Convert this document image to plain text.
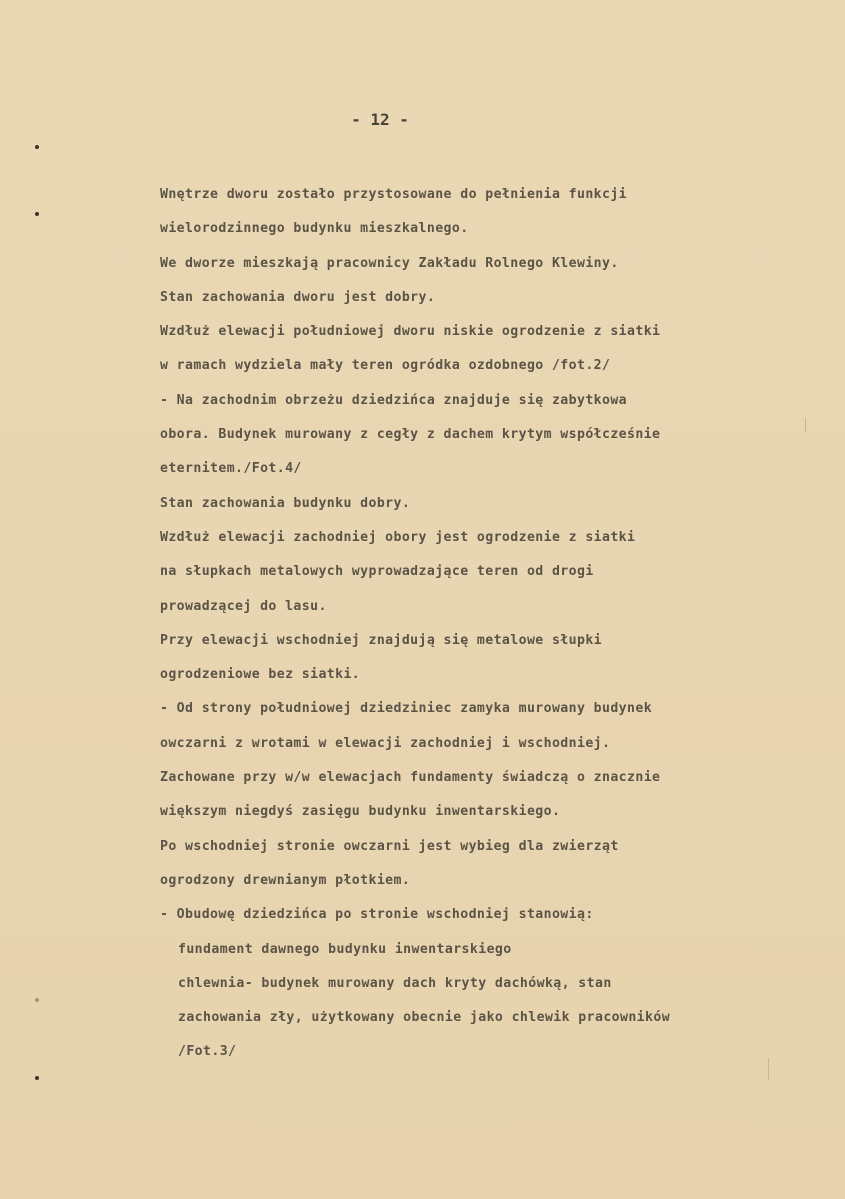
- 12 -
Wnętrze dworu zostało przystosowane do pełnienia funkcji
wielorodzinnego budynku mieszkalnego.
We dworze mieszkają pracownicy Zakładu Rolnego Klewiny.
Stan zachowania dworu jest dobry.
Wzdłuż elewacji południowej dworu niskie ogrodzenie z siatki
w ramach wydziela mały teren ogródka ozdobnego /fot.2/
- Na zachodnim obrzeżu dziedzińca znajduje się zabytkowa
obora. Budynek murowany z cegły z dachem krytym współcześnie
eternitem./Fot.4/
Stan zachowania budynku dobry.
Wzdłuż elewacji zachodniej obory jest ogrodzenie z siatki
na słupkach metalowych wyprowadzające teren od drogi
prowadzącej do lasu.
Przy elewacji wschodniej znajdują się metalowe słupki
ogrodzeniowe bez siatki.
- Od strony południowej dziedziniec zamyka murowany budynek
owczarni z wrotami w elewacji zachodniej i wschodniej.
Zachowane przy w/w elewacjach fundamenty świadczą o znacznie
większym niegdyś zasięgu budynku inwentarskiego.
Po wschodniej stronie owczarni jest wybieg dla zwierząt
ogrodzony drewnianym płotkiem.
- Obudowę dziedzińca po stronie wschodniej stanowią:
fundament dawnego budynku inwentarskiego
chlewnia- budynek murowany dach kryty dachówką, stan
zachowania zły, użytkowany obecnie jako chlewik pracowników
/Fot.3/
